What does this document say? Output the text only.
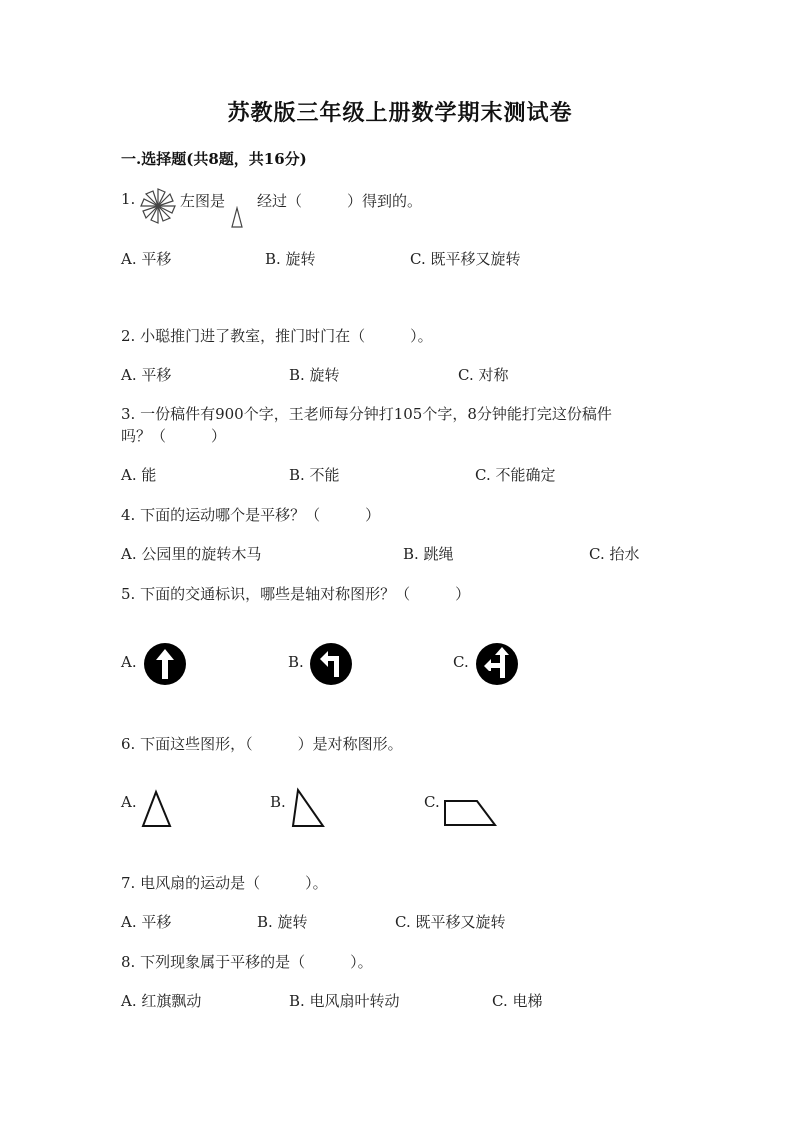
苏教版三年级上册数学期末测试卷
一.选择题(共8题，共16分)
1.	左图是 经过（　　　）得到的。
A. 平移	B. 旋转	C. 既平移又旋转
2. 小聪推门进了教室，推门时门在（　　　）。
A. 平移	B. 旋转	C. 对称
3. 一份稿件有900个字，王老师每分钟打105个字，8分钟能打完这份稿件
吗？（　　　）
A. 能	B. 不能	C. 不能确定
4. 下面的运动哪个是平移？（　　　）
A. 公园里的旋转木马	B. 跳绳	C. 抬水
5. 下面的交通标识，哪些是轴对称图形？（　　　）
A.	B.	C.
6. 下面这些图形，（　　　）是对称图形。
A.	B.	C.
7. 电风扇的运动是（　　　）。
A. 平移	B. 旋转	C. 既平移又旋转
8. 下列现象属于平移的是（　　　）。
A. 红旗飘动	B. 电风扇叶转动	C. 电梯
